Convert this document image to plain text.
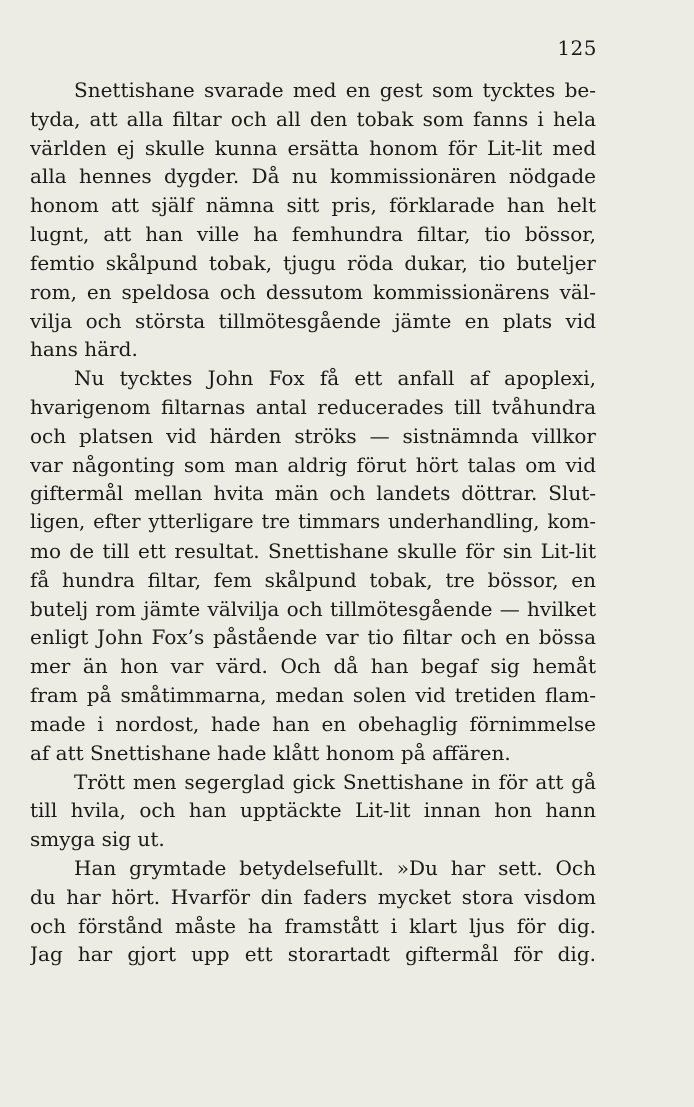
125
Snettishane svarade med en gest som tycktes be-
tyda, att alla filtar och all den tobak som fanns i hela
världen ej skulle kunna ersätta honom för Lit-lit med
alla hennes dygder. Då nu kommissionären nödgade
honom att själf nämna sitt pris, förklarade han helt
lugnt, att han ville ha femhundra filtar, tio bössor,
femtio skålpund tobak, tjugu röda dukar, tio buteljer
rom, en speldosa och dessutom kommissionärens väl-
vilja och största tillmötesgående jämte en plats vid
hans härd.
Nu tycktes John Fox få ett anfall af apoplexi,
hvarigenom filtarnas antal reducerades till tvåhundra
och platsen vid härden ströks — sistnämnda villkor
var någonting som man aldrig förut hört talas om vid
giftermål mellan hvita män och landets döttrar. Slut-
ligen, efter ytterligare tre timmars underhandling, kom-
mo de till ett resultat. Snettishane skulle för sin Lit-lit
få hundra filtar, fem skålpund tobak, tre bössor, en
butelj rom jämte välvilja och tillmötesgående — hvilket
enligt John Fox’s påstående var tio filtar och en bössa
mer än hon var värd. Och då han begaf sig hemåt
fram på småtimmarna, medan solen vid tretiden flam-
made i nordost, hade han en obehaglig förnimmelse
af att Snettishane hade klått honom på affären.
Trött men segerglad gick Snettishane in för att gå
till hvila, och han upptäckte Lit-lit innan hon hann
smyga sig ut.
Han grymtade betydelsefullt. »Du har sett. Och
du har hört. Hvarför din faders mycket stora visdom
och förstånd måste ha framstått i klart ljus för dig.
Jag har gjort upp ett storartadt giftermål för dig.
